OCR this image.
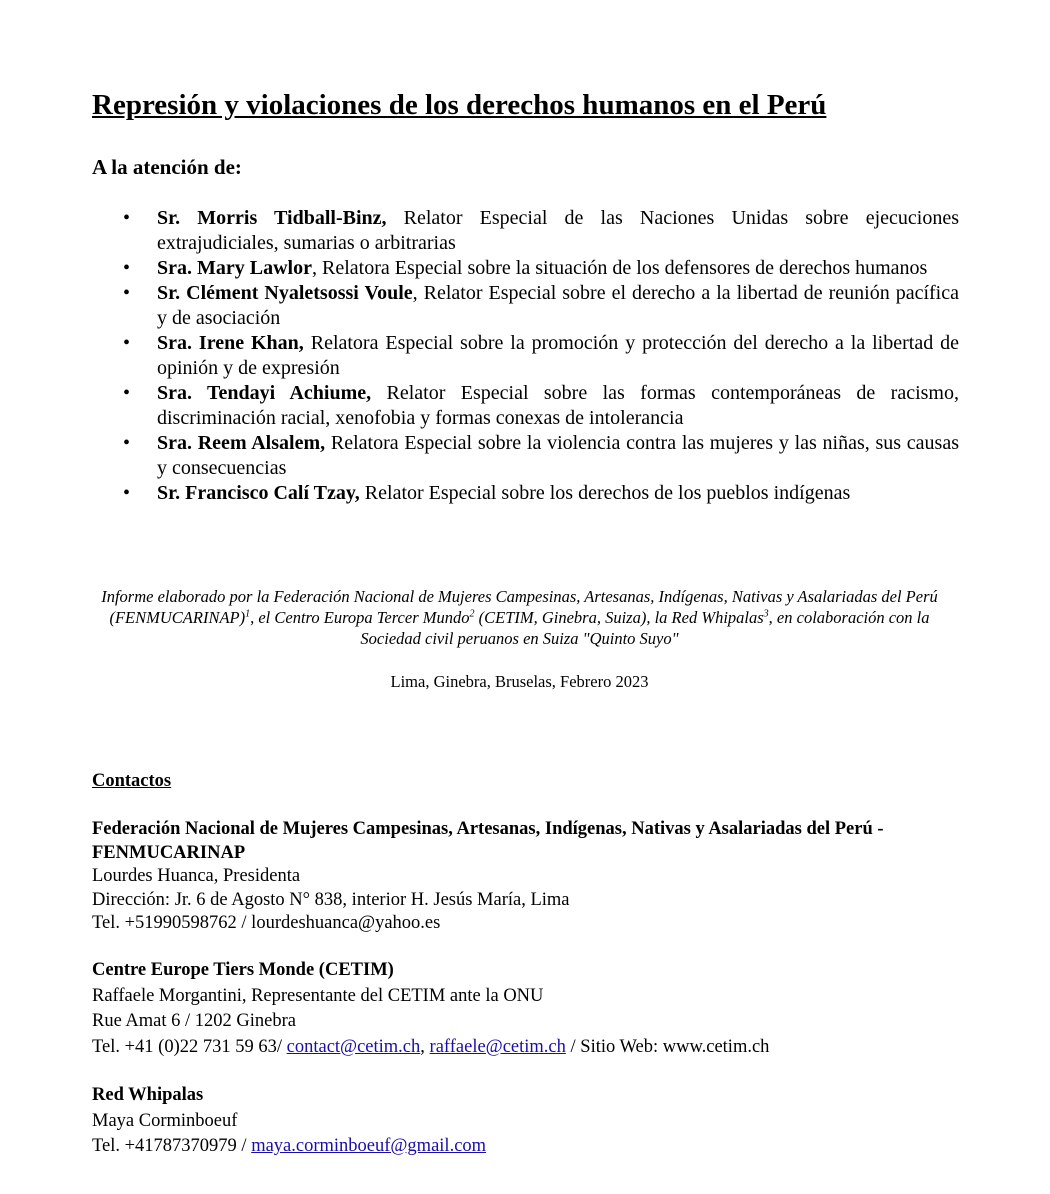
Represión y violaciones de los derechos humanos en el Perú

A la atención de:

• Sr. Morris Tidball-Binz, Relator Especial de las Naciones Unidas sobre ejecuciones extrajudiciales, sumarias o arbitrarias
• Sra. Mary Lawlor, Relatora Especial sobre la situación de los defensores de derechos humanos
• Sr. Clément Nyaletsossi Voule, Relator Especial sobre el derecho a la libertad de reunión pacífica y de asociación
• Sra. Irene Khan, Relatora Especial sobre la promoción y protección del derecho a la libertad de opinión y de expresión
• Sra. Tendayi Achiume, Relator Especial sobre las formas contemporáneas de racismo, discriminación racial, xenofobia y formas conexas de intolerancia
• Sra. Reem Alsalem, Relatora Especial sobre la violencia contra las mujeres y las niñas, sus causas y consecuencias
• Sr. Francisco Calí Tzay, Relator Especial sobre los derechos de los pueblos indígenas

Informe elaborado por la Federación Nacional de Mujeres Campesinas, Artesanas, Indígenas, Nativas y Asalariadas del Perú (FENMUCARINAP)$^1$, el Centro Europa Tercer Mundo$^2$ (CETIM, Ginebra, Suiza), la Red Whipalas$^3$, en colaboración con la Sociedad civil peruanos en Suiza "Quinto Suyo"

Lima, Ginebra, Bruselas, Febrero 2023

Contactos

Federación Nacional de Mujeres Campesinas, Artesanas, Indígenas, Nativas y Asalariadas del Perú - FENMUCARINAP
Lourdes Huanca, Presidenta
Dirección: Jr. 6 de Agosto N° 838, interior H. Jesús María, Lima
Tel. +51990598762 / lourdeshuanca@yahoo.es
Centre Europe Tiers Monde (CETIM)
Raffaele Morgantini, Representante del CETIM ante la ONU
Rue Amat 6 / 1202 Ginebra
Tel. +41 (0)22 731 59 63/ contact@cetim.ch, raffaele@cetim.ch / Sitio Web: www.cetim.ch
Red Whipalas
Maya Corminboeuf
Tel. +41787370979 / maya.corminboeuf@gmail.com
